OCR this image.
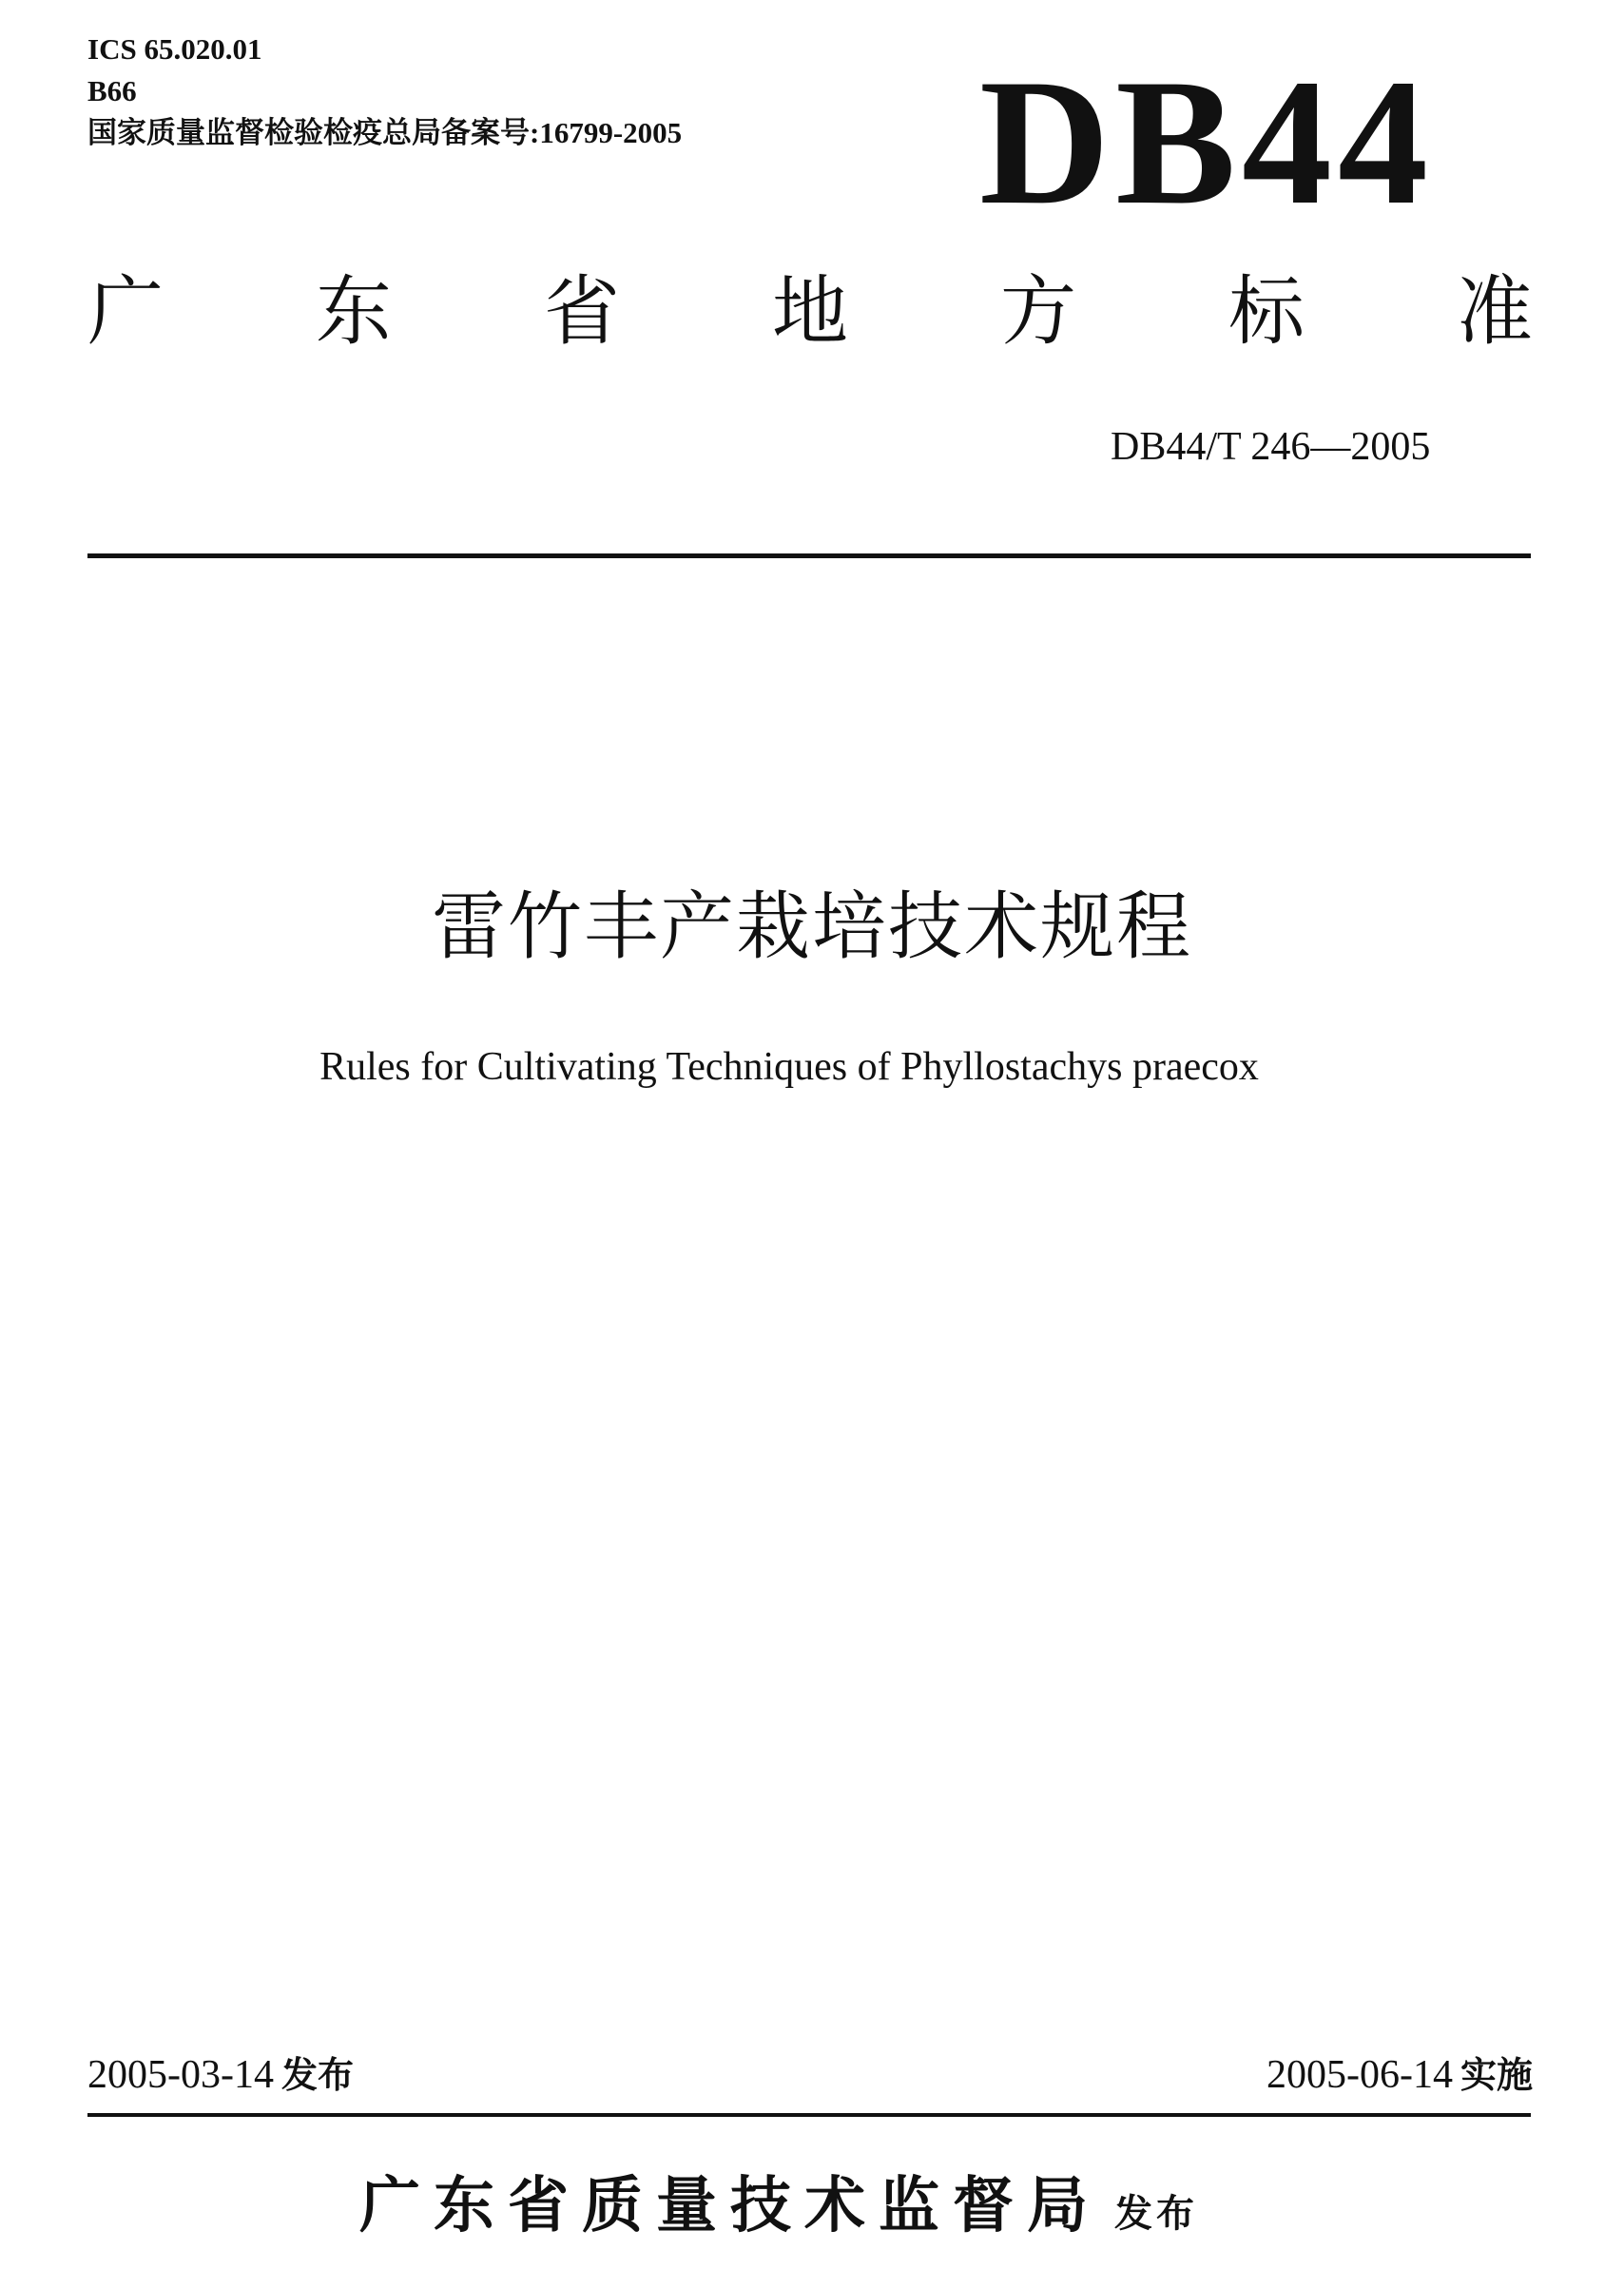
ICS 65.020.01
B66
国家质量监督检验检疫总局备案号:16799-2005 DB44
广 东 省 地 方 标 准
DB44/T 246—2005
雷竹丰产栽培技术规程
Rules for Cultivating Techniques of Phyllostachys praecox
2005-03-14 发布	2005-06-14 实施
广东省质量技术监督局 发布
